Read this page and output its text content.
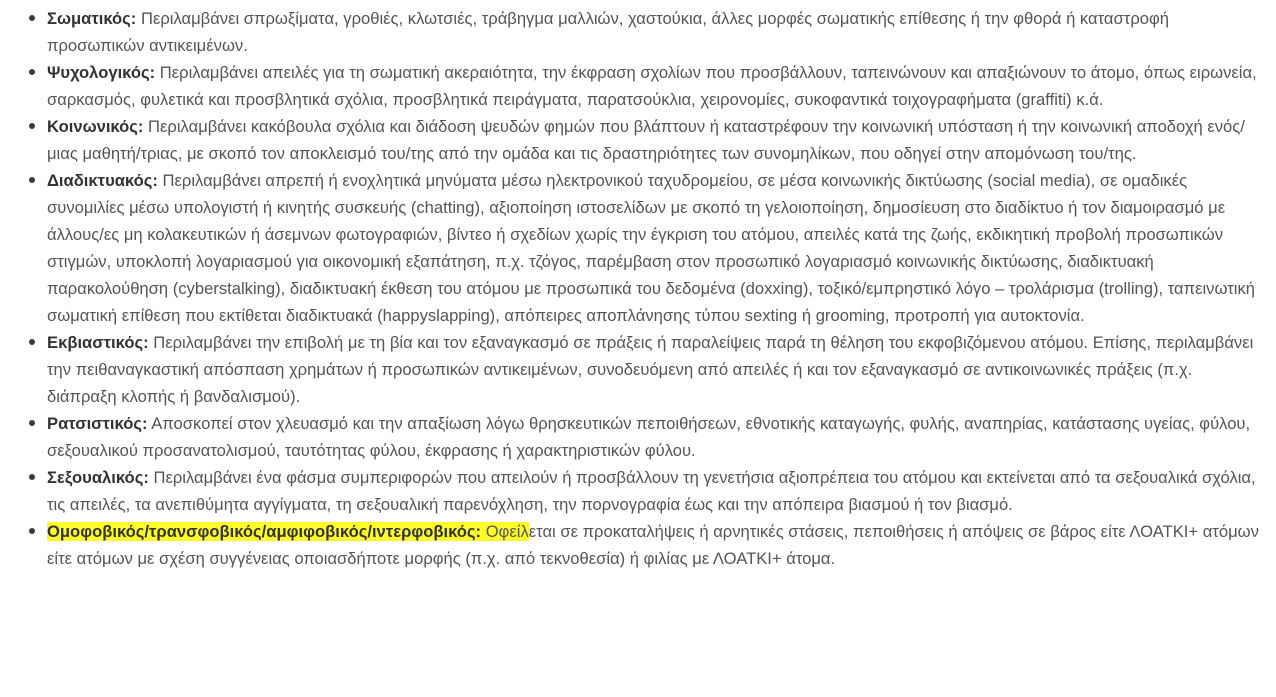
Σωματικός: Περιλαμβάνει σπρωξίματα, γροθιές, κλωτσιές, τράβηγμα μαλλιών, χαστούκια, άλλες μορφές σωματικής επίθεσης ή την φθορά ή καταστροφή προσωπικών αντικειμένων.
Ψυχολογικός: Περιλαμβάνει απειλές για τη σωματική ακεραιότητα, την έκφραση σχολίων που προσβάλλουν, ταπεινώνουν και απαξιώνουν το άτομο, όπως ειρωνεία, σαρκασμός, φυλετικά και προσβλητικά σχόλια, προσβλητικά πειράγματα, παρατσούκλια, χειρονομίες, συκοφαντικά τοιχογραφήματα (graffiti) κ.ά.
Κοινωνικός: Περιλαμβάνει κακόβουλα σχόλια και διάδοση ψευδών φημών που βλάπτουν ή καταστρέφουν την κοινωνική υπόσταση ή την κοινωνική αποδοχή ενός/μιας μαθητή/τριας, με σκοπό τον αποκλεισμό του/της από την ομάδα και τις δραστηριότητες των συνομηλίκων, που οδηγεί στην απομόνωση του/της.
Διαδικτυακός: Περιλαμβάνει απρεπή ή ενοχλητικά μηνύματα μέσω ηλεκτρονικού ταχυδρομείου, σε μέσα κοινωνικής δικτύωσης (social media), σε ομαδικές συνομιλίες μέσω υπολογιστή ή κινητής συσκευής (chatting), αξιοποίηση ιστοσελίδων με σκοπό τη γελοιοποίηση, δημοσίευση στο διαδίκτυο ή τον διαμοιρασμό με άλλους/ες μη κολακευτικών ή άσεμνων φωτογραφιών, βίντεο ή σχεδίων χωρίς την έγκριση του ατόμου, απειλές κατά της ζωής, εκδικητική προβολή προσωπικών στιγμών, υποκλοπή λογαριασμού για οικονομική εξαπάτηση, π.χ. τζόγος, παρέμβαση στον προσωπικό λογαριασμό κοινωνικής δικτύωσης, διαδικτυακή παρακολούθηση (cyberstalking), διαδικτυακή έκθεση του ατόμου με προσωπικά του δεδομένα (doxxing), τοξικό/εμπρηστικό λόγο – τρολάρισμα (trolling), ταπεινωτική σωματική επίθεση που εκτίθεται διαδικτυακά (happyslapping), απόπειρες αποπλάνησης τύπου sexting ή grooming, προτροπή για αυτοκτονία.
Εκβιαστικός: Περιλαμβάνει την επιβολή με τη βία και τον εξαναγκασμό σε πράξεις ή παραλείψεις παρά τη θέληση του εκφοβιζόμενου ατόμου. Επίσης, περιλαμβάνει την πειθαναγκαστική απόσπαση χρημάτων ή προσωπικών αντικειμένων, συνοδευόμενη από απειλές ή και τον εξαναγκασμό σε αντικοινωνικές πράξεις (π.χ. διάπραξη κλοπής ή βανδαλισμού).
Ρατσιστικός: Αποσκοπεί στον χλευασμό και την απαξίωση λόγω θρησκευτικών πεποιθήσεων, εθνοτικής καταγωγής, φυλής, αναπηρίας, κατάστασης υγείας, φύλου, σεξουαλικού προσανατολισμού, ταυτότητας φύλου, έκφρασης ή χαρακτηριστικών φύλου.
Σεξουαλικός: Περιλαμβάνει ένα φάσμα συμπεριφορών που απειλούν ή προσβάλλουν τη γενετήσια αξιοπρέπεια του ατόμου και εκτείνεται από τα σεξουαλικά σχόλια, τις απειλές, τα ανεπιθύμητα αγγίγματα, τη σεξουαλική παρενόχληση, την πορνογραφία έως και την απόπειρα βιασμού ή τον βιασμό.
Ομοφοβικός/τρανσφοβικός/αμφιφοβικός/ιντερφοβικός: Οφείλεται σε προκαταλήψεις ή αρνητικές στάσεις, πεποιθήσεις ή απόψεις σε βάρος είτε ΛΟΑΤΚΙ+ ατόμων είτε ατόμων με σχέση συγγένειας οποιασδήποτε μορφής (π.χ. από τεκνοθεσία) ή φιλίας με ΛΟΑΤΚΙ+ άτομα.
